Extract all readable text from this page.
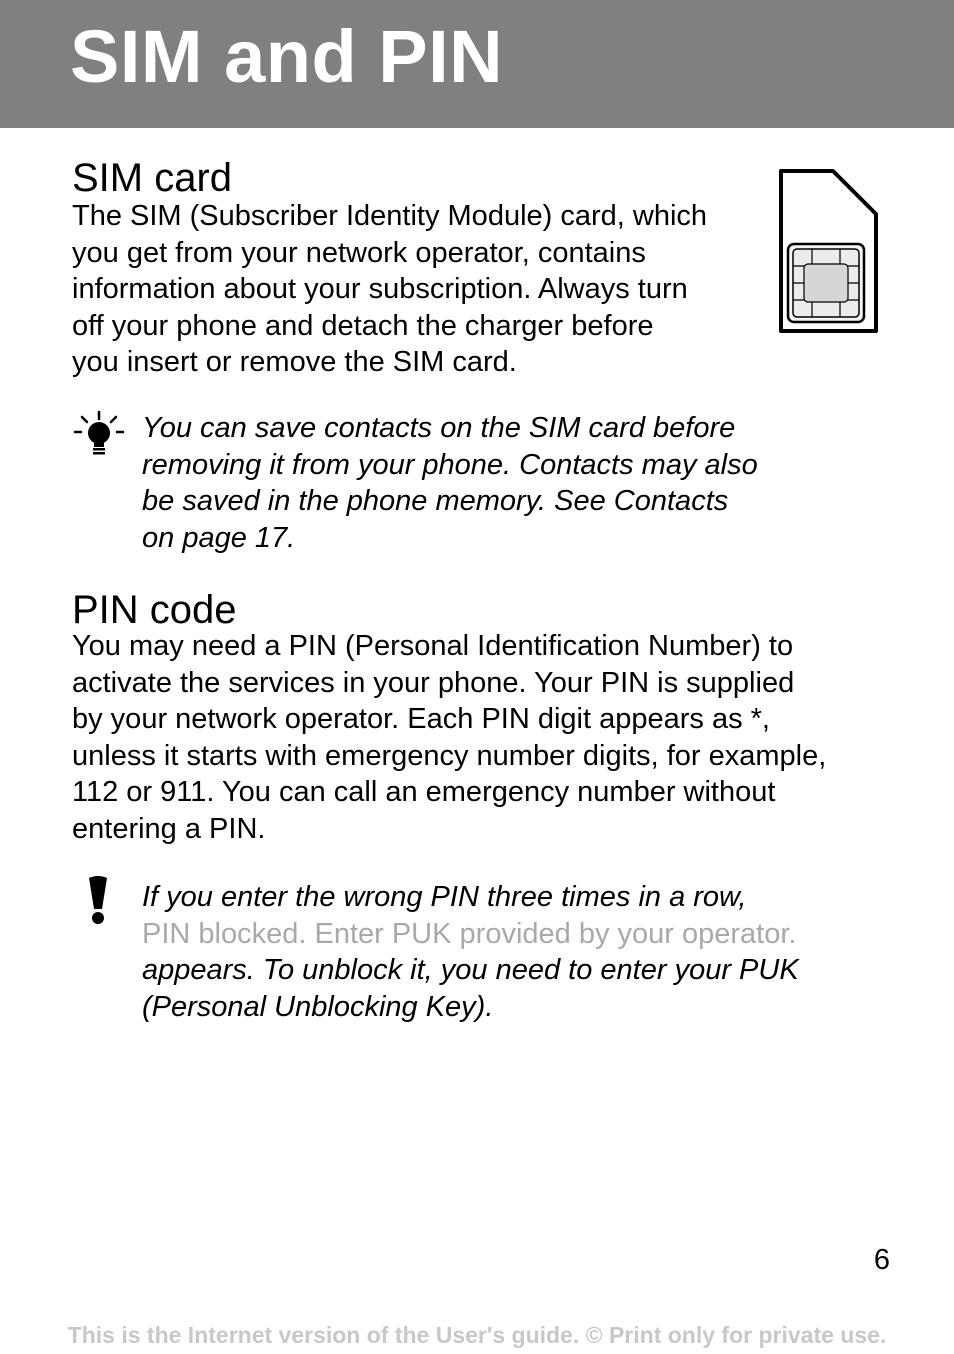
SIM and PIN
SIM card
The SIM (Subscriber Identity Module) card, which
you get from your network operator, contains
information about your subscription. Always turn
off your phone and detach the charger before
you insert or remove the SIM card.
You can save contacts on the SIM card before
removing it from your phone. Contacts may also
be saved in the phone memory. See Contacts
on page 17.
PIN code
You may need a PIN (Personal Identification Number) to
activate the services in your phone. Your PIN is supplied
by your network operator. Each PIN digit appears as *,
unless it starts with emergency number digits, for example,
112 or 911. You can call an emergency number without
entering a PIN.
If you enter the wrong PIN three times in a row,
PIN blocked. Enter PUK provided by your operator.
appears. To unblock it, you need to enter your PUK
(Personal Unblocking Key).

6

This is the Internet version of the User's guide. © Print only for private use.
